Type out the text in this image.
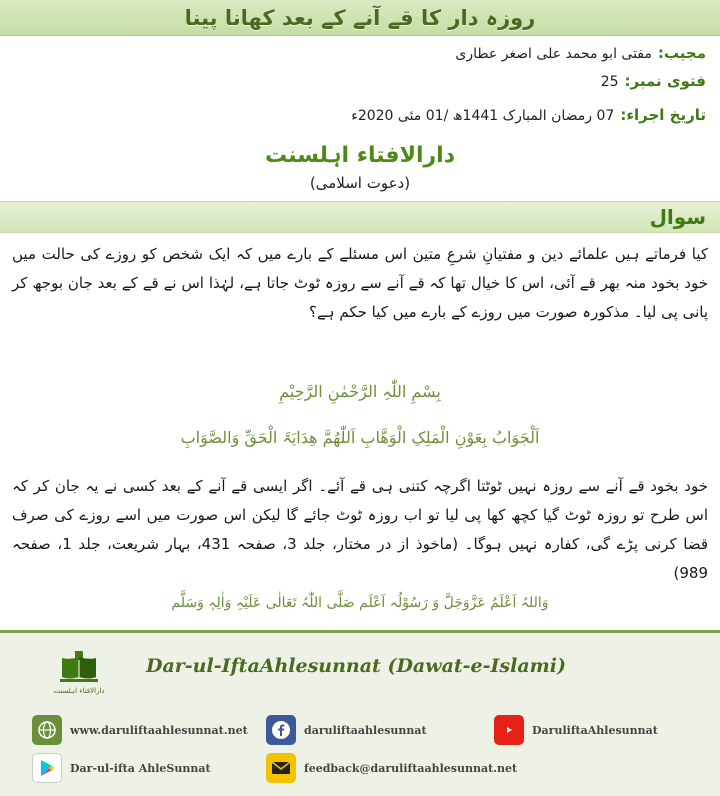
روزہ دار کا قے آنے کے بعد کھانا پینا
مجیب:
مفتی ابو محمد علی اصغر عطاری
فتوی نمبر:
25
تاریخ اجراء:
07 رمضان المبارک 1441ھ /01 مئی 2020ء
دارالافتاء اہلسنت
(دعوت اسلامی)
سوال
کیا فرماتے ہیں علمائے دین و مفتیانِ شرعِ متین اس مسئلے کے بارے میں کہ ایک شخص کو روزے کی حالت میں خود بخود منہ بھر قے آئی، اس کا خیال تھا کہ قے آنے سے روزہ ٹوٹ جاتا ہے، لہٰذا اس نے قے کے بعد جان بوجھ کر پانی پی لیا۔ مذکورہ صورت میں روزے کے بارے میں کیا حکم ہے؟
بِسْمِ اللّٰہِ الرَّحْمٰنِ الرَّحِیْمِ
اَلْجَوَابُ بِعَوْنِ الْمَلِکِ الْوَھَّابِ اَللّٰھُمَّ ھِدَایَۃَ الْحَقِّ وَالصَّوَابِ
خود بخود قے آنے سے روزہ نہیں ٹوٹتا اگرچہ کتنی ہی قے آئے۔ اگر ایسی قے آنے کے بعد کسی نے یہ جان کر کہ اس طرح تو روزہ ٹوٹ گیا کچھ کھا پی لیا تو اب روزہ ٹوٹ جائے گا لیکن اس صورت میں اسے روزے کی صرف قضا کرنی پڑے گی، کفارہ نہیں ہوگا۔ (ماخوذ از در مختار، جلد 3، صفحہ 431، بہار شریعت، جلد 1، صفحہ 989)
وَاللہُ اَعْلَمُ عَزَّوَجَلَّ وَ رَسُوْلُہ اَعْلَم صَلَّی اللّٰہُ تَعَالٰی عَلَیْہِ وَاٰلِہٖ وَسَلَّم
دارالافتاء اہلسنت
Dar-ul-IftaAhlesunnat (Dawat-e-Islami)
www.daruliftaahlesunnat.net	daruliftaahlesunnat	DaruliftaAhlesunnat
Dar-ul-ifta AhleSunnat	feedback@daruliftaahlesunnat.net
